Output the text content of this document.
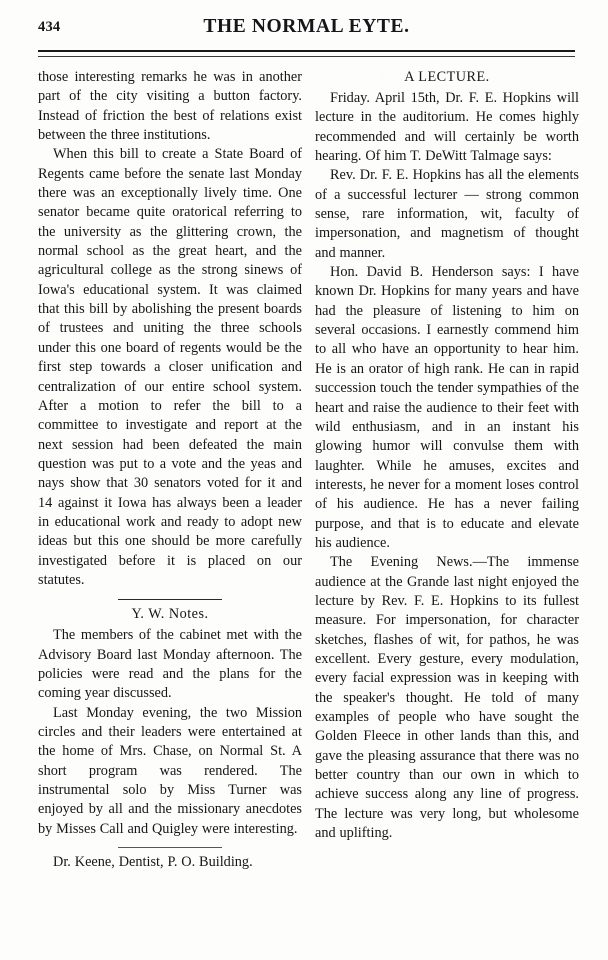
434	THE NORMAL EYTE.

those interesting remarks he was in another part of the city visiting a button factory. Instead of friction the best of relations exist between the three institutions.

When this bill to create a State Board of Regents came before the senate last Monday there was an exceptionally lively time. One senator became quite oratorical referring to the university as the glittering crown, the normal school as the great heart, and the agricultural college as the strong sinews of Iowa's educational system. It was claimed that this bill by abolishing the present boards of trustees and uniting the three schools under this one board of regents would be the first step towards a closer unification and centralization of our entire school system. After a motion to refer the bill to a committee to investigate and report at the next session had been defeated the main question was put to a vote and the yeas and nays show that 30 senators voted for it and 14 against it Iowa has always been a leader in educational work and ready to adopt new ideas but this one should be more carefully investigated before it is placed on our statutes.

Y. W. Notes.

The members of the cabinet met with the Advisory Board last Monday afternoon. The policies were read and the plans for the coming year discussed.

Last Monday evening, the two Mission circles and their leaders were entertained at the home of Mrs. Chase, on Normal St. A short program was rendered. The instrumental solo by Miss Turner was enjoyed by all and the missionary anecdotes by Misses Call and Quigley were interesting.

Dr. Keene, Dentist, P. O. Building.

A LECTURE.

Friday. April 15th, Dr. F. E. Hopkins will lecture in the auditorium. He comes highly recommended and will certainly be worth hearing. Of him T. DeWitt Talmage says:

Rev. Dr. F. E. Hopkins has all the elements of a successful lecturer — strong common sense, rare information, wit, faculty of impersonation, and magnetism of thought and manner.

Hon. David B. Henderson says: I have known Dr. Hopkins for many years and have had the pleasure of listening to him on several occasions. I earnestly commend him to all who have an opportunity to hear him. He is an orator of high rank. He can in rapid succession touch the tender sympathies of the heart and raise the audience to their feet with wild enthusiasm, and in an instant his glowing humor will convulse them with laughter. While he amuses, excites and interests, he never for a moment loses control of his audience. He has a never failing purpose, and that is to educate and elevate his audience.

The Evening News.—The immense audience at the Grande last night enjoyed the lecture by Rev. F. E. Hopkins to its fullest measure. For impersonation, for character sketches, flashes of wit, for pathos, he was excellent. Every gesture, every modulation, every facial expression was in keeping with the speaker's thought. He told of many examples of people who have sought the Golden Fleece in other lands than this, and gave the pleasing assurance that there was no better country than our own in which to achieve success along any line of progress. The lecture was very long, but wholesome and uplifting.
